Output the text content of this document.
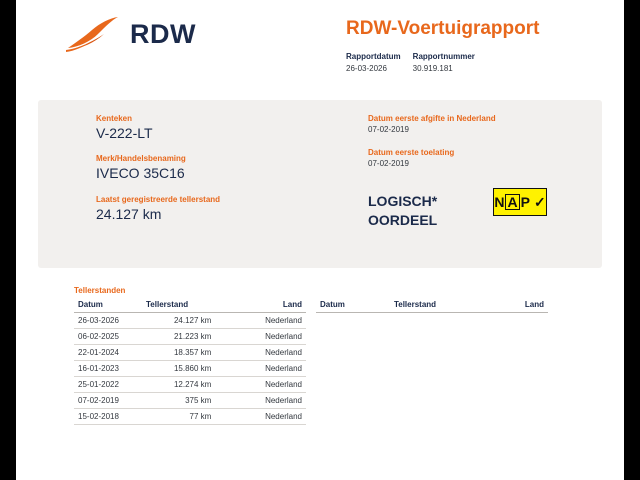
RDW	RDW-Voertuigrapport
Rapportdatum
26-03-2026
Rapportnummer
30.919.181
Kenteken
V-222-LT
Merk/Handelsbenaming
IVECO 35C16
Laatst geregistreerde tellerstand
24.127 km
Datum eerste afgifte in Nederland
07-02-2019
Datum eerste toelating
07-02-2019
LOGISCH*
OORDEEL
N A P ✓
Tellerstanden
Datum	Tellerstand	Land
26-03-2026	24.127 km	Nederland
06-02-2025	21.223 km	Nederland
22-01-2024	18.357 km	Nederland
16-01-2023	15.860 km	Nederland
25-01-2022	12.274 km	Nederland
07-02-2019	375 km	Nederland
15-02-2018	77 km	Nederland
Datum	Tellerstand	Land
